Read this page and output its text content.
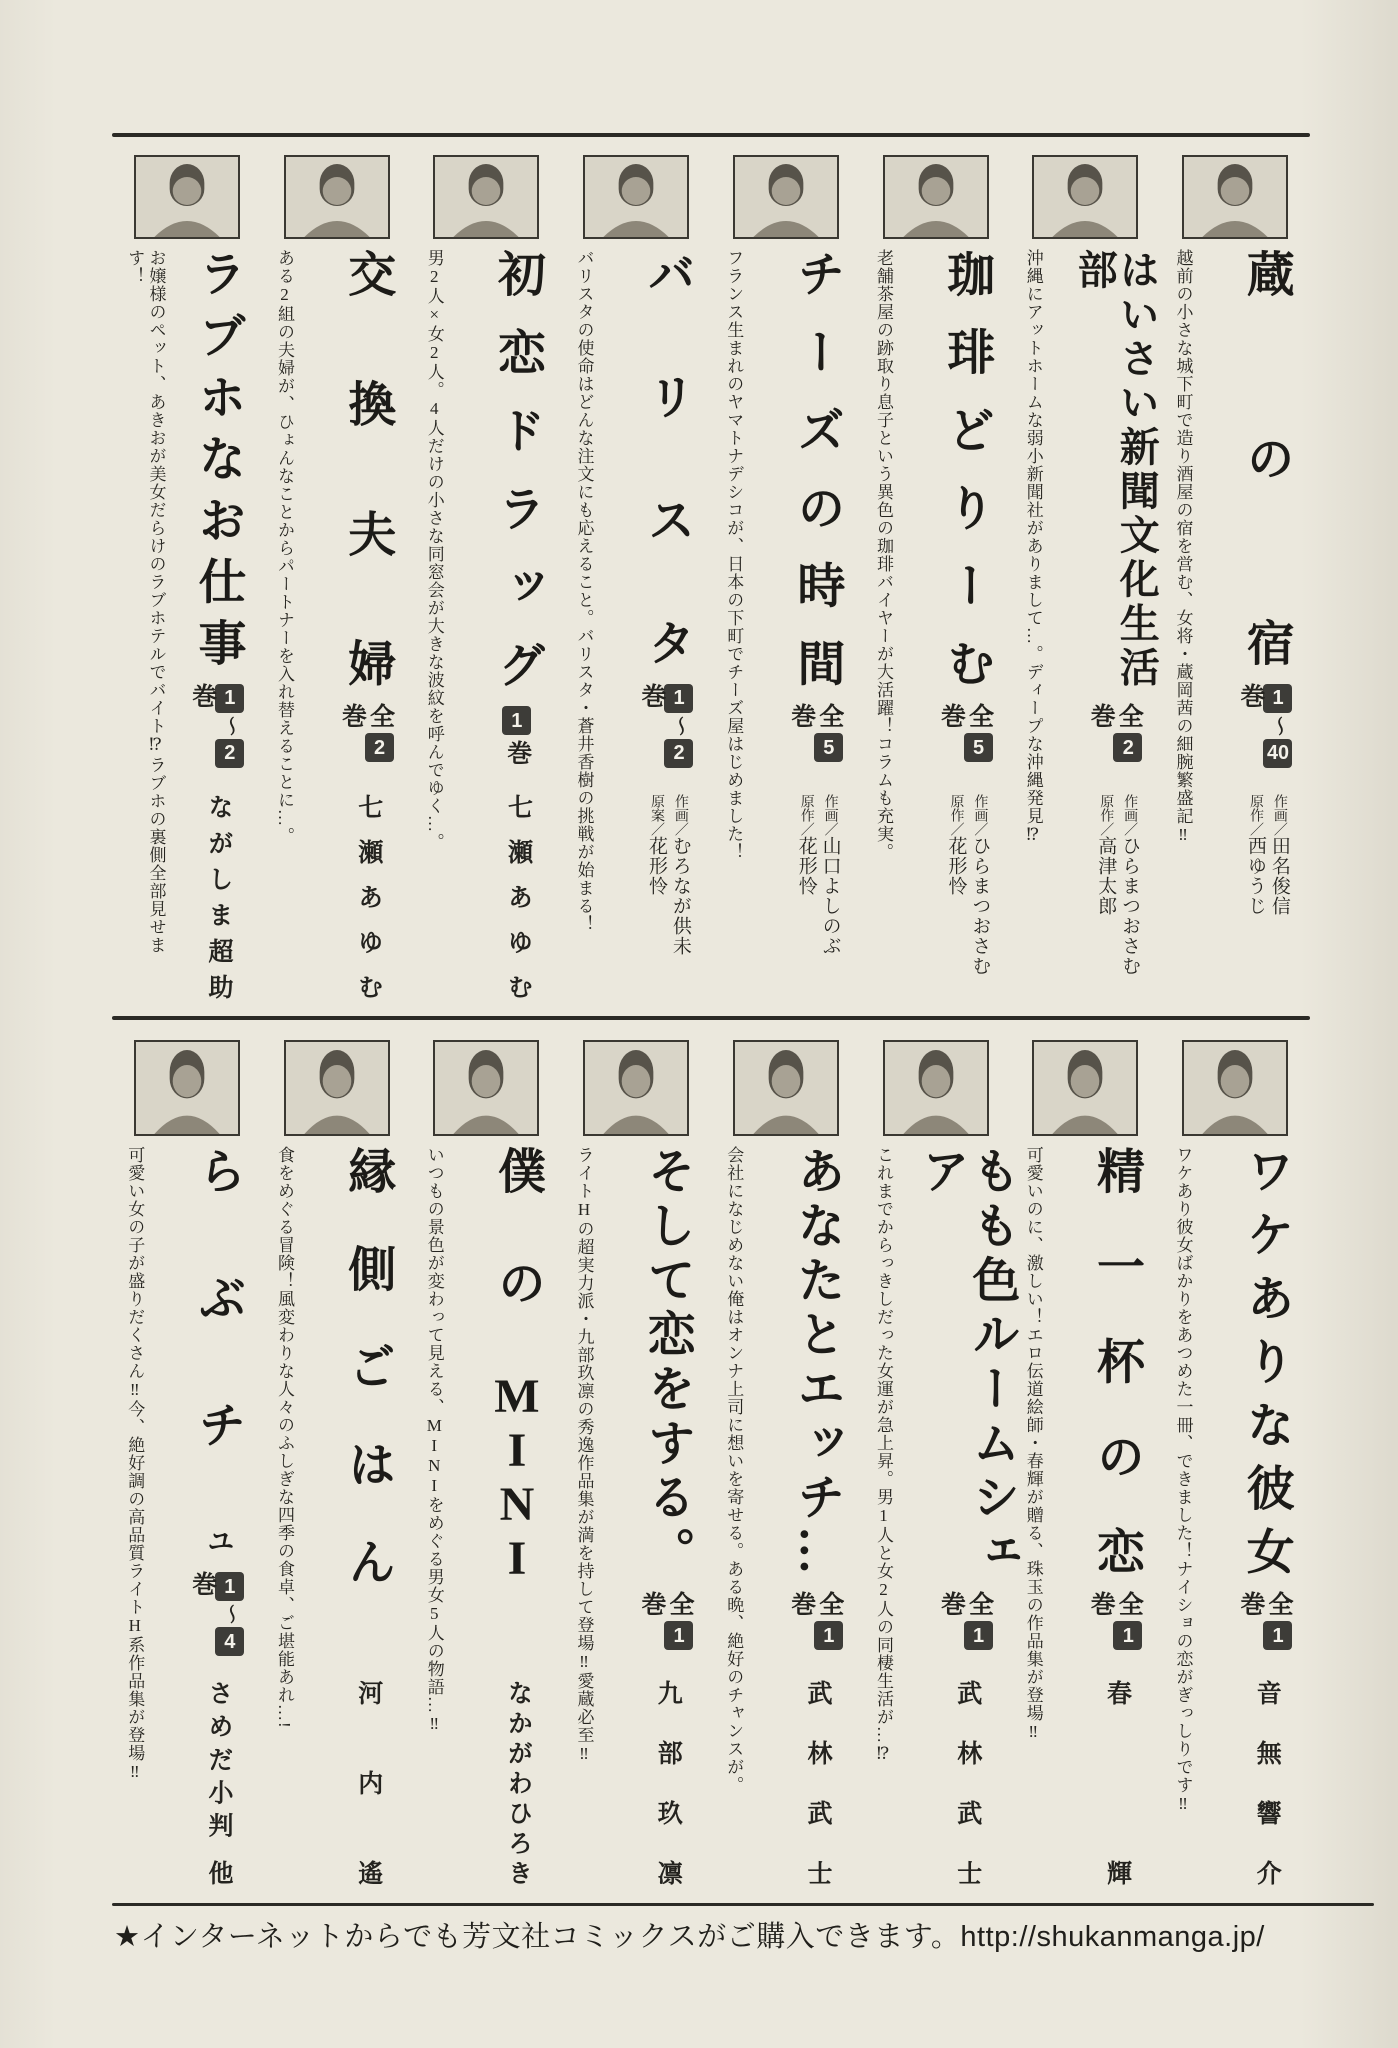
蔵の宿
1〜40巻
作画／田名俊信
原作／西ゆうじ
越前の小さな城下町で造り酒屋の宿を営む、女将・蔵岡茜の細腕繁盛記‼
はいさい新聞文化生活部
全2巻
作画／ひらまつおさむ
原作／高津太郎
沖縄にアットホームな弱小新聞社がありまして…。ディープな沖縄発見⁉
珈琲どりーむ
全5巻
作画／ひらまつおさむ
原作／花形怜
老舗茶屋の跡取り息子という異色の珈琲バイヤーが大活躍！コラムも充実。
チーズの時間
全5巻
作画／山口よしのぶ
原作／花形怜
フランス生まれのヤマトナデシコが、日本の下町でチーズ屋はじめました！
バリスタ
1〜2巻
作画／むろなが供未
原案／花形怜
バリスタの使命はどんな注文にも応えること。バリスタ・蒼井香樹の挑戦が始まる！
初恋ドラッグ
1巻
七瀬あゆむ
男2人×女2人。4人だけの小さな同窓会が大きな波紋を呼んでゆく…。
交換夫婦
全2巻
七瀬あゆむ
ある2組の夫婦が、ひょんなことからパートナーを入れ替えることに…。
ラブホなお仕事
1〜2巻
ながしま超助
お嬢様のペット、あきおが美女だらけのラブホテルでバイト⁉ラブホの裏側全部見せます！
ワケありな彼女
全1巻
音無響介
ワケあり彼女ばかりをあつめた一冊、できました！ナイショの恋がぎっしりです‼
精一杯の恋
全1巻
春輝
可愛いのに、激しい！エロ伝道絵師・春輝が贈る、珠玉の作品集が登場‼
もも色ルームシェア
全1巻
武林武士
これまでからっきしだった女運が急上昇。男1人と女2人の同棲生活が…⁉
あなたとエッチ…
全1巻
武林武士
会社になじめない俺はオンナ上司に想いを寄せる。ある晩、絶好のチャンスが。
そして恋をする。
全1巻
九部玖凛
ライトHの超実力派・九部玖凛の秀逸作品集が満を持して登場‼愛蔵必至‼
僕のMINI
なかがわひろき
いつもの景色が変わって見える、MINIをめぐる男女5人の物語…‼
縁側ごはん
河内遙
食をめぐる冒険！風変わりな人々のふしぎな四季の食卓、ご堪能あれ…!
らぶチユ
1〜4巻
さめだ小判 他
可愛い女の子が盛りだくさん‼今、絶好調の高品質ライトH系作品集が登場‼
★インターネットからでも芳文社コミックスがご購入できます。http://shukanmanga.jp/
